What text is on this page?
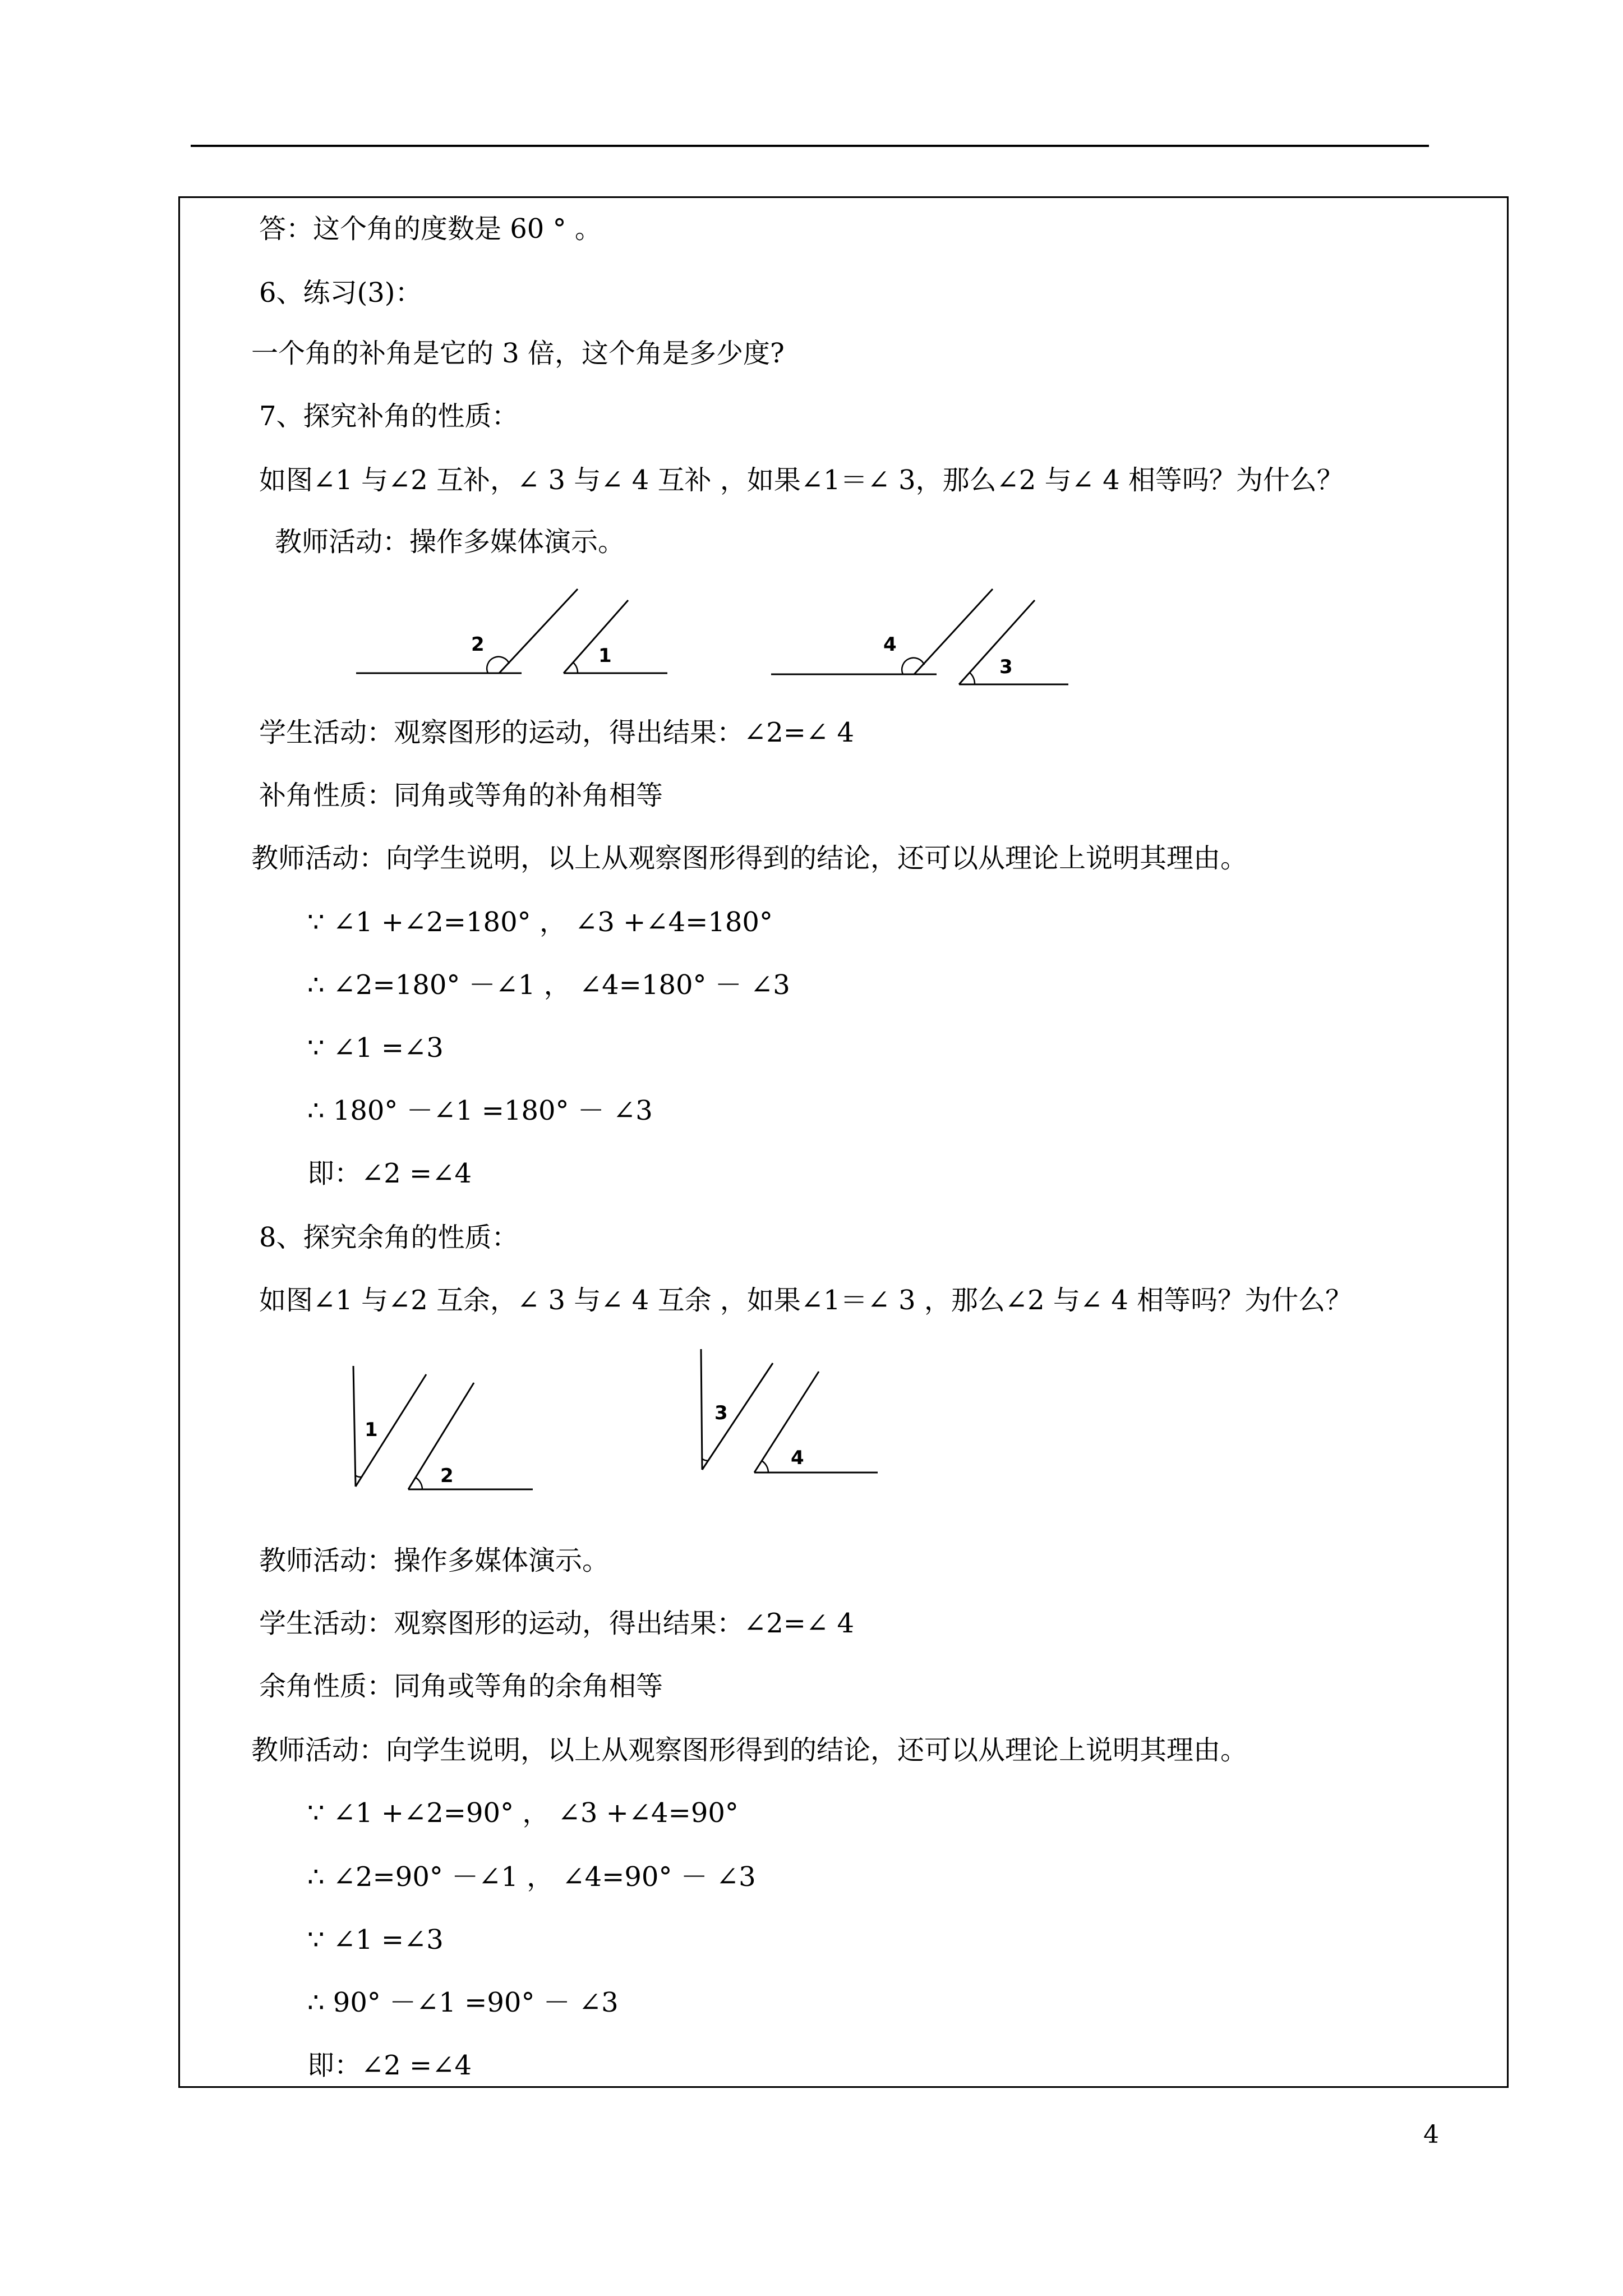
答：这个角的度数是 60 ° 。
6、练习(3)：
一个角的补角是它的 3 倍，这个角是多少度?
7、探究补角的性质：
如图∠1 与∠2 互补，∠ 3 与∠ 4 互补 ，如果∠1＝∠ 3，那么∠2 与∠ 4 相等吗？为什么？
教师活动：操作多媒体演示。
2	1	4
3
学生活动：观察图形的运动，得出结果：∠2=∠ 4
补角性质：同角或等角的补角相等
教师活动：向学生说明，以上从观察图形得到的结论，还可以从理论上说明其理由。
∵ ∠1 +∠2=180° ， ∠3 +∠4=180°
∴ ∠2=180° －∠1 ， ∠4=180° － ∠3
∵ ∠1 =∠3
∴ 180° －∠1 =180° － ∠3
即：∠2 =∠4
8、探究余角的性质：
如图∠1 与∠2 互余，∠ 3 与∠ 4 互余 ，如果∠1＝∠ 3 ，那么∠2 与∠ 4 相等吗？为什么？
1
2
3
4
教师活动：操作多媒体演示。
学生活动：观察图形的运动，得出结果：∠2=∠ 4
余角性质：同角或等角的余角相等
教师活动：向学生说明，以上从观察图形得到的结论，还可以从理论上说明其理由。
∵ ∠1 +∠2=90° ， ∠3 +∠4=90°
∴ ∠2=90° －∠1 ， ∠4=90° － ∠3
∵ ∠1 =∠3
∴ 90° －∠1 =90° － ∠3
即：∠2 =∠4
4
